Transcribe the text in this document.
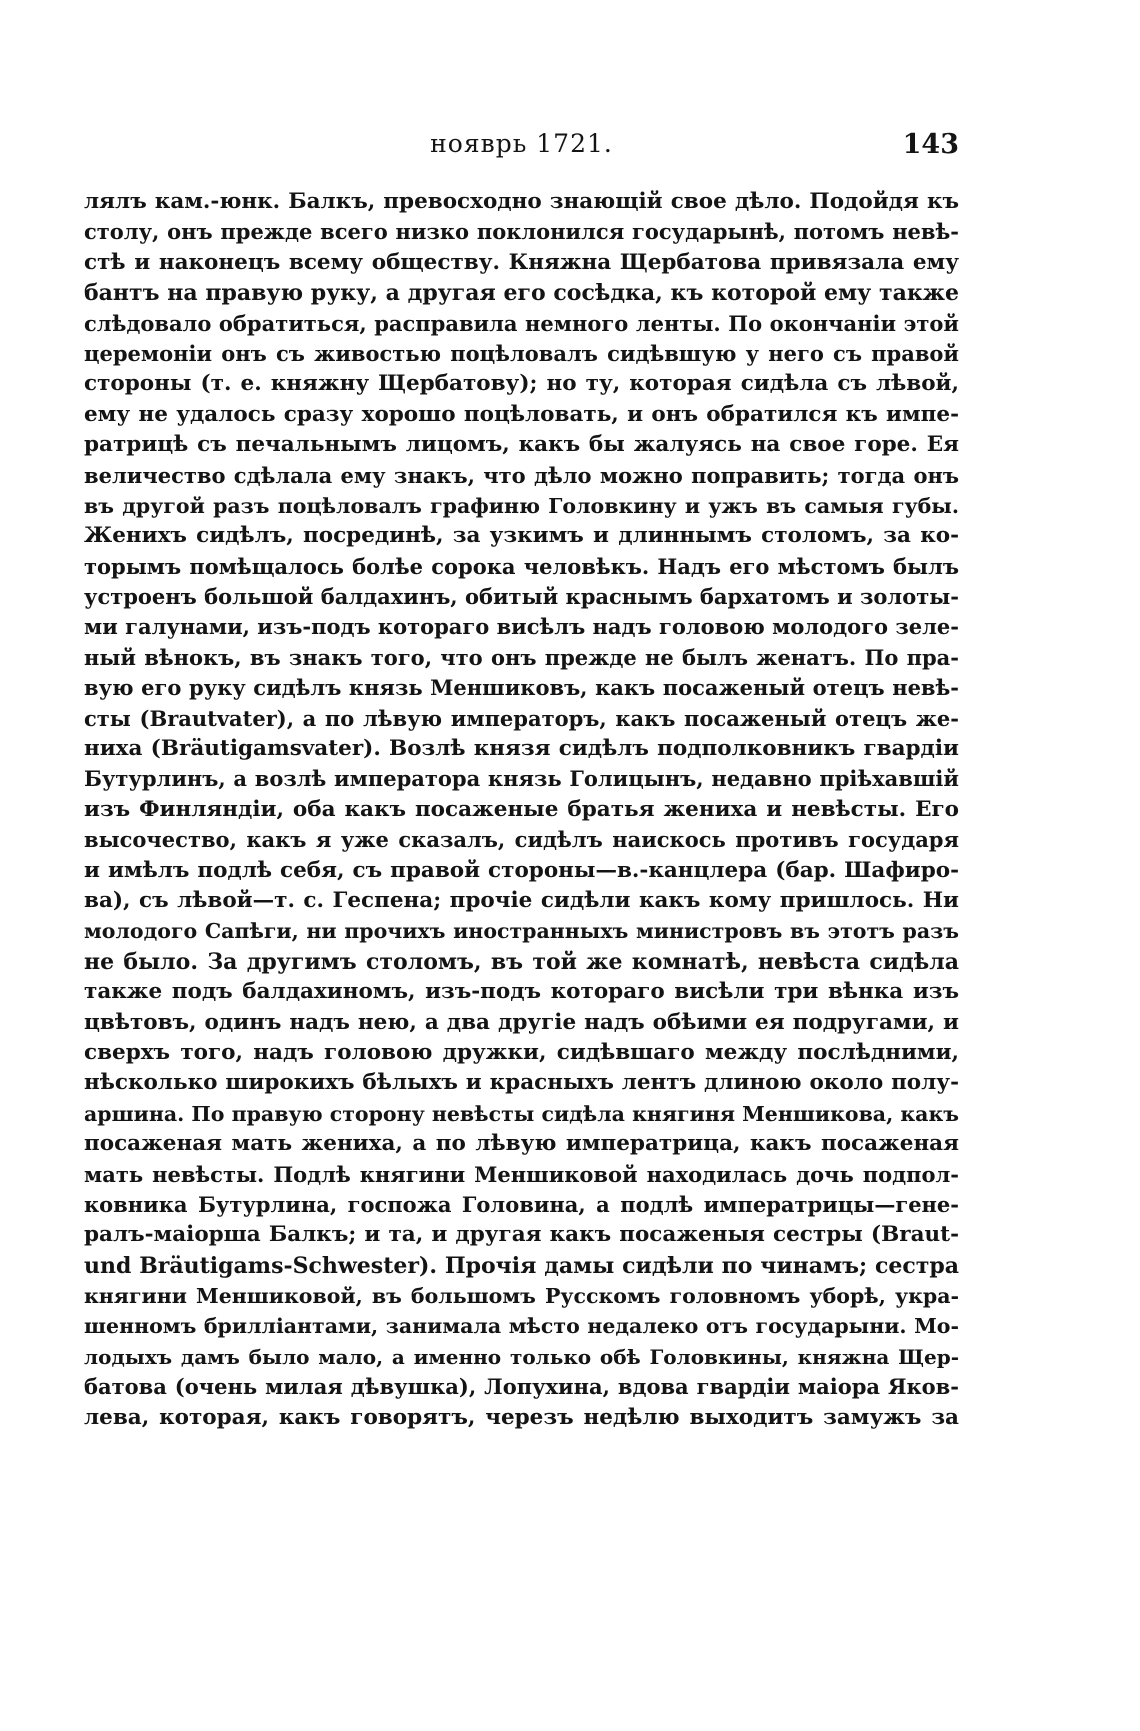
нояврь 1721.	143
лялъ кам.-юнк. Балкъ, превосходно знающій свое дѣло. Подойдя къ
столу, онъ прежде всего низко поклонился государынѣ, потомъ невѣ-
стѣ и наконецъ всему обществу. Княжна Щербатова привязала ему
бантъ на правую руку, а другая его сосѣдка, къ которой ему также
слѣдовало обратиться, расправила немного ленты. По окончаніи этой
церемоніи онъ съ живостью поцѣловалъ сидѣвшую у него съ правой
стороны (т. е. княжну Щербатову); но ту, которая сидѣла съ лѣвой,
ему не удалось сразу хорошо поцѣловать, и онъ обратился къ импе-
ратрицѣ съ печальнымъ лицомъ, какъ бы жалуясь на свое горе. Ея
величество сдѣлала ему знакъ, что дѣло можно поправить; тогда онъ
въ другой разъ поцѣловалъ графиню Головкину и ужъ въ самыя губы.
Женихъ сидѣлъ, посрединѣ, за узкимъ и длиннымъ столомъ, за ко-
торымъ помѣщалось болѣе сорока человѣкъ. Надъ его мѣстомъ былъ
устроенъ большой балдахинъ, обитый краснымъ бархатомъ и золоты-
ми галунами, изъ-подъ котораго висѣлъ надъ головою молодого зеле-
ный вѣнокъ, въ знакъ того, что онъ прежде не былъ женатъ. По пра-
вую его руку сидѣлъ князь Меншиковъ, какъ посаженый отецъ невѣ-
сты (Brautvater), а по лѣвую императоръ, какъ посаженый отецъ же-
ниха (Bräutigamsvater). Возлѣ князя сидѣлъ подполковникъ гвардіи
Бутурлинъ, а возлѣ императора князь Голицынъ, недавно пріѣхавшій
изъ Финляндіи, оба какъ посаженые братья жениха и невѣсты. Его
высочество, какъ я уже сказалъ, сидѣлъ наискось противъ государя
и имѣлъ подлѣ себя, съ правой стороны—в.-канцлера (бар. Шафиро-
ва), съ лѣвой—т. с. Геспена; прочіе сидѣли какъ кому пришлось. Ни
молодого Сапѣги, ни прочихъ иностранныхъ министровъ въ этотъ разъ
не было. За другимъ столомъ, въ той же комнатѣ, невѣста сидѣла
также подъ балдахиномъ, изъ-подъ котораго висѣли три вѣнка изъ
цвѣтовъ, одинъ надъ нею, а два другіе надъ обѣими ея подругами, и
сверхъ того, надъ головою дружки, сидѣвшаго между послѣдними,
нѣсколько широкихъ бѣлыхъ и красныхъ лентъ длиною около полу-
аршина. По правую сторону невѣсты сидѣла княгиня Меншикова, какъ
посаженая мать жениха, а по лѣвую императрица, какъ посаженая
мать невѣсты. Подлѣ княгини Меншиковой находилась дочь подпол-
ковника Бутурлина, госпожа Головина, а подлѣ императрицы—гене-
ралъ-маіорша Балкъ; и та, и другая какъ посаженыя сестры (Braut-
und Bräutigams-Schwester). Прочія дамы сидѣли по чинамъ; сестра
княгини Меншиковой, въ большомъ Русскомъ головномъ уборѣ, укра-
шенномъ брилліантами, занимала мѣсто недалеко отъ государыни. Мо-
лодыхъ дамъ было мало, а именно только обѣ Головкины, княжна Щер-
батова (очень милая дѣвушка), Лопухина, вдова гвардіи маіора Яков-
лева, которая, какъ говорятъ, черезъ недѣлю выходитъ замужъ за
